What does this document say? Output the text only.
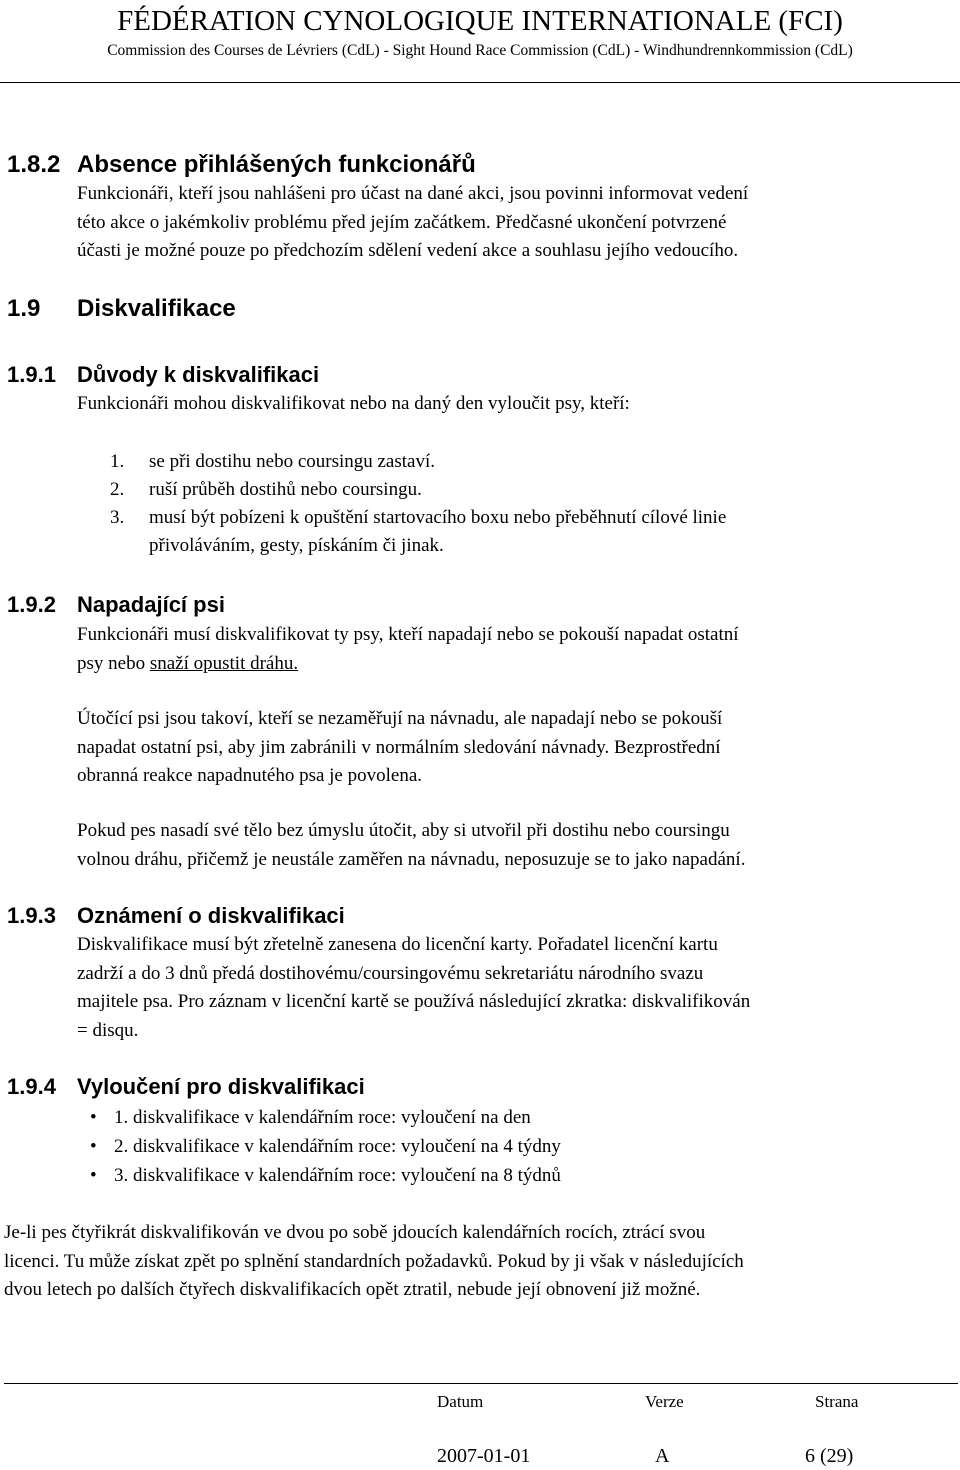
FÉDÉRATION CYNOLOGIQUE INTERNATIONALE (FCI)
Commission des Courses de Lévriers (CdL) - Sight Hound Race Commission (CdL) - Windhundrennkommission (CdL)
1.8.2 Absence přihlášených funkcionářů
Funkcionáři, kteří jsou nahlášeni pro účast na dané akci, jsou povinni informovat vedení
této akce o jakémkoliv problému před jejím začátkem. Předčasné ukončení potvrzené
účasti je možné pouze po předchozím sdělení vedení akce a souhlasu jejího vedoucího.
1.9 Diskvalifikace
1.9.1 Důvody k diskvalifikaci
Funkcionáři mohou diskvalifikovat nebo na daný den vyloučit psy, kteří:
1. se při dostihu nebo coursingu zastaví.
2. ruší průběh dostihů nebo coursingu.
3. musí být pobízeni k opuštění startovacího boxu nebo přeběhnutí cílové linie
přivoláváním, gesty, pískáním či jinak.
1.9.2 Napadající psi
Funkcionáři musí diskvalifikovat ty psy, kteří napadají nebo se pokouší napadat ostatní
psy nebo snaží opustit dráhu.
Útočící psi jsou takoví, kteří se nezaměřují na návnadu, ale napadají nebo se pokouší
napadat ostatní psi, aby jim zabránili v normálním sledování návnady. Bezprostřední
obranná reakce napadnutého psa je povolena.
Pokud pes nasadí své tělo bez úmyslu útočit, aby si utvořil při dostihu nebo coursingu
volnou dráhu, přičemž je neustále zaměřen na návnadu, neposuzuje se to jako napadání.
1.9.3 Oznámení o diskvalifikaci
Diskvalifikace musí být zřetelně zanesena do licenční karty. Pořadatel licenční kartu
zadrží a do 3 dnů předá dostihovému/coursingovému sekretariátu národního svazu
majitele psa. Pro záznam v licenční kartě se používá následující zkratka: diskvalifikován
= disqu.
1.9.4 Vyloučení pro diskvalifikaci
• 1. diskvalifikace v kalendářním roce: vyloučení na den
• 2. diskvalifikace v kalendářním roce: vyloučení na 4 týdny
• 3. diskvalifikace v kalendářním roce: vyloučení na 8 týdnů
Je-li pes čtyřikrát diskvalifikován ve dvou po sobě jdoucích kalendářních rocích, ztrácí svou
licenci. Tu může získat zpět po splnění standardních požadavků. Pokud by ji však v následujících
dvou letech po dalších čtyřech diskvalifikacích opět ztratil, nebude její obnovení již možné.
Datum	Verze	Strana
2007-01-01	A	6 (29)
